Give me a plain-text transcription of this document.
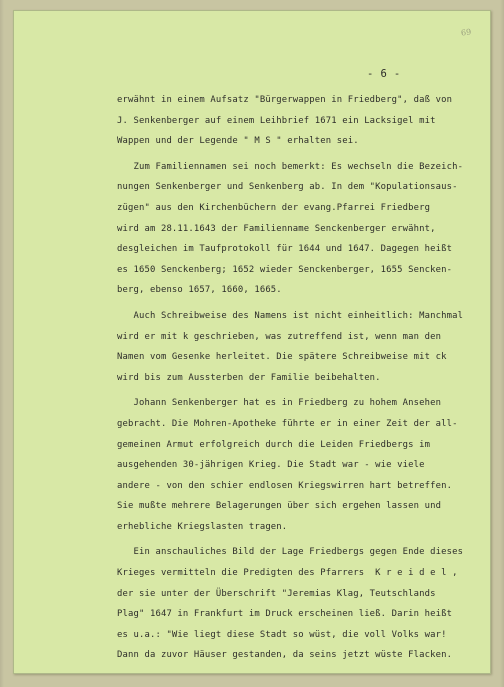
69
- 6 -
erwähnt in einem Aufsatz "Bürgerwappen in Friedberg", daß von
J. Senkenberger auf einem Leihbrief 1671 ein Lacksigel mit
Wappen und der Legende " M S " erhalten sei.
Zum Familiennamen sei noch bemerkt: Es wechseln die Bezeich-
nungen Senkenberger und Senkenberg ab. In dem "Kopulationsaus-
zügen" aus den Kirchenbüchern der evang.Pfarrei Friedberg
wird am 28.11.1643 der Familienname Senckenberger erwähnt,
desgleichen im Taufprotokoll für 1644 und 1647. Dagegen heißt
es 1650 Senckenberg; 1652 wieder Senckenberger, 1655 Sencken-
berg, ebenso 1657, 1660, 1665.
Auch Schreibweise des Namens ist nicht einheitlich: Manchmal
wird er mit k geschrieben, was zutreffend ist, wenn man den
Namen vom Gesenke herleitet. Die spätere Schreibweise mit ck
wird bis zum Aussterben der Familie beibehalten.
Johann Senkenberger hat es in Friedberg zu hohem Ansehen
gebracht. Die Mohren-Apotheke führte er in einer Zeit der all-
gemeinen Armut erfolgreich durch die Leiden Friedbergs im
ausgehenden 30-jährigen Krieg. Die Stadt war - wie viele
andere - von den schier endlosen Kriegswirren hart betreffen.
Sie mußte mehrere Belagerungen über sich ergehen lassen und
erhebliche Kriegslasten tragen.
Ein anschauliches Bild der Lage Friedbergs gegen Ende dieses
Krieges vermitteln die Predigten des Pfarrers  K r e i d e l ,
der sie unter der Überschrift "Jeremias Klag, Teutschlands
Plag" 1647 in Frankfurt im Druck erscheinen ließ. Darin heißt
es u.a.: "Wie liegt diese Stadt so wüst, die voll Volks war!
Dann da zuvor Häuser gestanden, da seins jetzt wüste Flacken.
